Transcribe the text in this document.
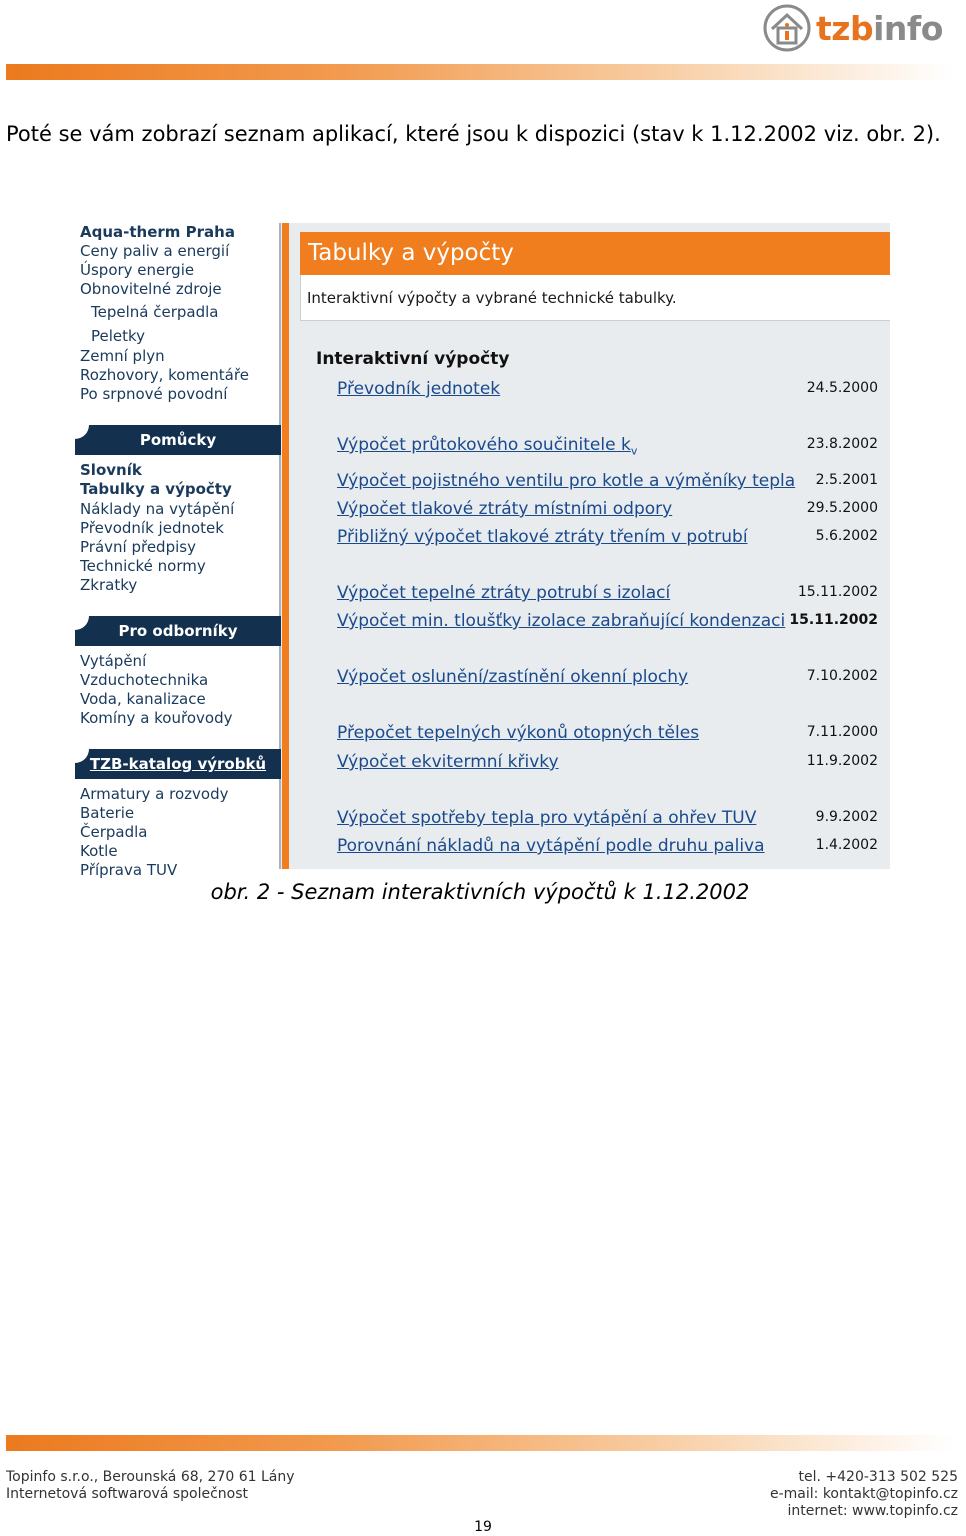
tzbinfo
Poté se vám zobrazí seznam aplikací, které jsou k dispozici (stav k 1.12.2002 viz. obr. 2).
Aqua-therm Praha
Ceny paliv a energií
Úspory energie
Obnovitelné zdroje
Tepelná čerpadla
Peletky
Zemní plyn
Rozhovory, komentáře
Po srpnové povodní
Pomůcky
Slovník
Tabulky a výpočty
Náklady na vytápění
Převodník jednotek
Právní předpisy
Technické normy
Zkratky
Pro odborníky
Vytápění
Vzduchotechnika
Voda, kanalizace
Komíny a kouřovody
TZB-katalog výrobků
Armatury a rozvody
Baterie
Čerpadla
Kotle
Příprava TUV
Tabulky a výpočty
Interaktivní výpočty a vybrané technické tabulky.
Interaktivní výpočty
Převodník jednotek	24.5.2000
Výpočet průtokového součinitele $k_v$	23.8.2002
Výpočet pojistného ventilu pro kotle a výměníky tepla 2.5.2001
Výpočet tlakové ztráty místními odpory	29.5.2000
Přibližný výpočet tlakové ztráty třením v potrubí	5.6.2002
Výpočet tepelné ztráty potrubí s izolací	15.11.2002
Výpočet min. tloušťky izolace zabraňující kondenzaci 15.11.2002
Výpočet oslunění/zastínění okenní plochy	7.10.2002
Přepočet tepelných výkonů otopných těles	7.11.2000
Výpočet ekvitermní křivky	11.9.2002
Výpočet spotřeby tepla pro vytápění a ohřev TUV	9.9.2002
Porovnání nákladů na vytápění podle druhu paliva	1.4.2002
obr. 2 - Seznam interaktivních výpočtů k 1.12.2002
Topinfo s.r.o., Berounská 68, 270 61 Lány
Internetová softwarová společnost
tel. +420-313 502 525
e-mail: kontakt@topinfo.cz
internet: www.topinfo.cz
19
